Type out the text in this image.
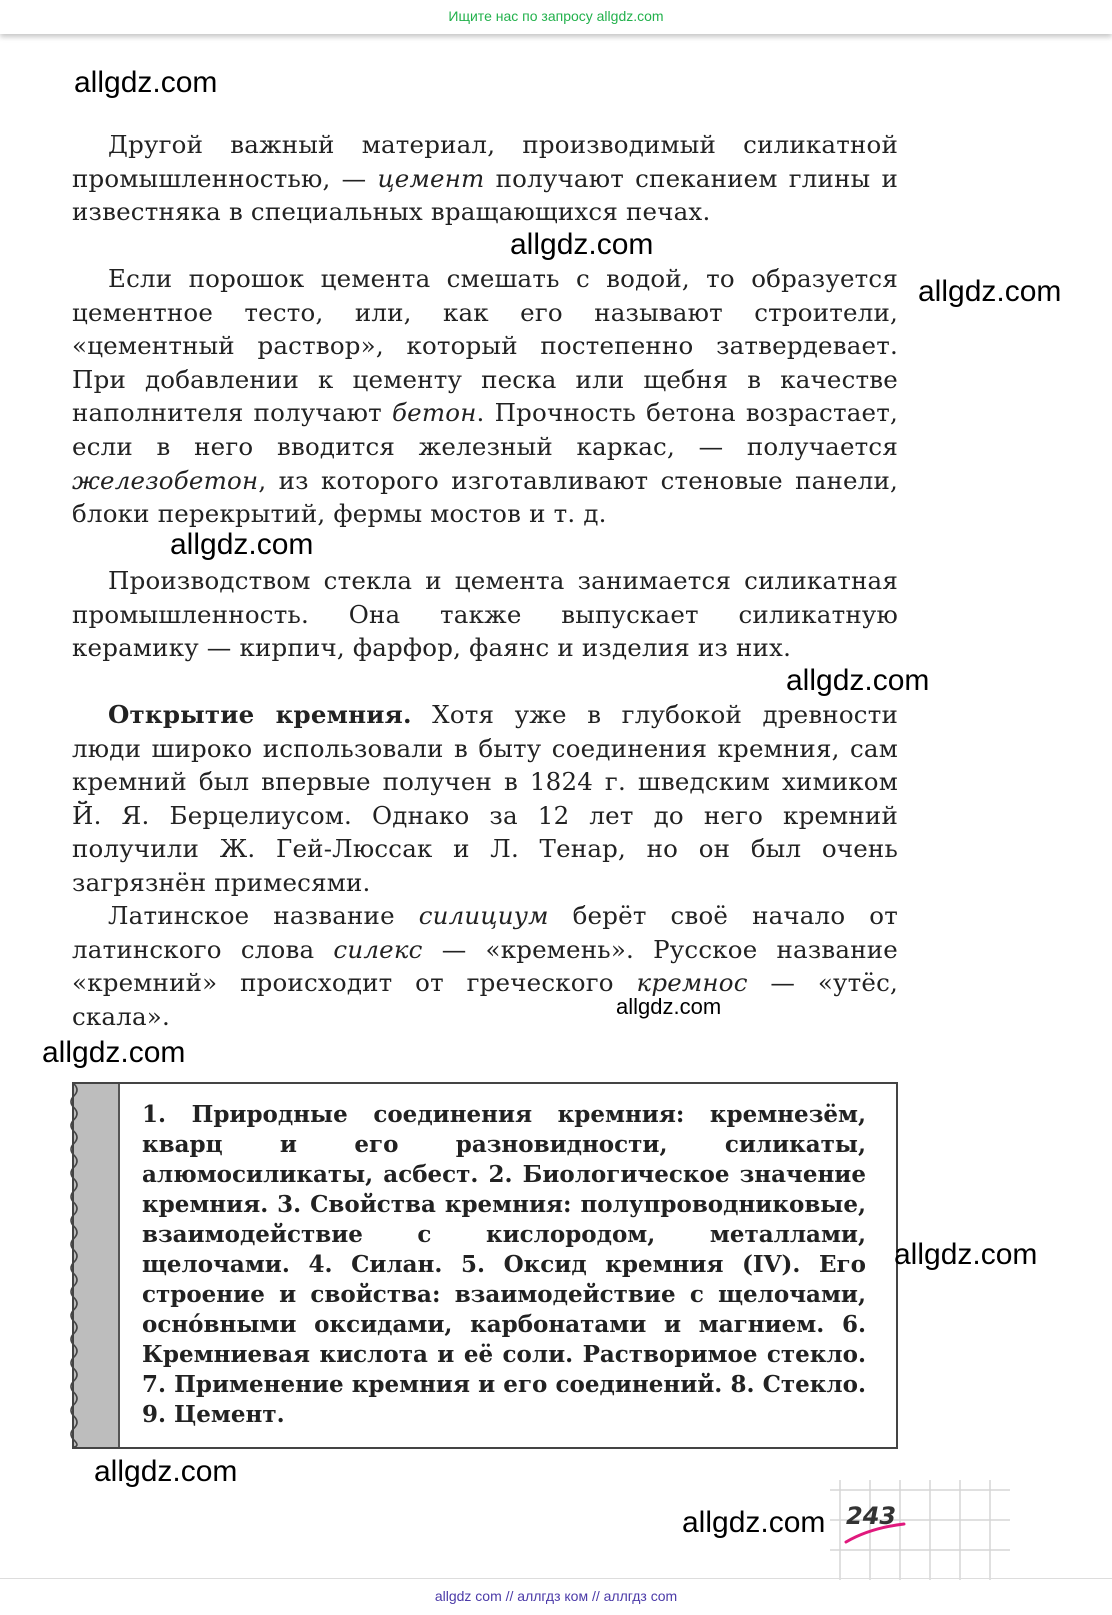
Ищите нас по запросу allgdz.com
allgdz.com
allgdz.com
allgdz.com
allgdz.com
allgdz.com
allgdz.com
allgdz.com
allgdz.com
allgdz.com
allgdz.com

Другой важный материал, производимый силикатной промышленностью, — цемент получают спеканием глины и известняка в специальных вращающихся печах.

Если порошок цемента смешать с водой, то образуется цементное тесто, или, как его называют строители, «цементный раствор», который постепенно затвердевает. При добавлении к цементу песка или щебня в качестве наполнителя получают бетон. Прочность бетона возрастает, если в него вводится железный каркас, — получается железобетон, из которого изготавливают стеновые панели, блоки перекрытий, фермы мостов и т. д.

Производством стекла и цемента занимается силикатная промышленность. Она также выпускает силикатную керамику — кирпич, фарфор, фаянс и изделия из них.

Открытие кремния. Хотя уже в глубокой древности люди широко использовали в быту соединения кремния, сам кремний был впервые получен в 1824 г. шведским химиком Й. Я. Берцелиусом. Однако за 12 лет до него кремний получили Ж. Гей-Люссак и Л. Тенар, но он был очень загрязнён примесями.

Латинское название силициум берёт своё начало от латинского слова силекс — «кремень». Русское название «кремний» происходит от греческого кремнос — «утёс, скала».

1. Природные соединения кремния: кремнезём, кварц и его разновидности, силикаты, алюмосиликаты, асбест. 2. Биологическое значение кремния. 3. Свойства кремния: полупроводниковые, взаимодействие с кислородом, металлами, щелочами. 4. Силан. 5. Оксид кремния (IV). Его строение и свойства: взаимодействие с щелочами, осно́вными оксидами, карбонатами и магнием. 6. Кремниевая кислота и её соли. Растворимое стекло. 7. Применение кремния и его соединений. 8. Стекло. 9. Цемент.

243
allgdz com // аллгдз ком // аллгдз com
